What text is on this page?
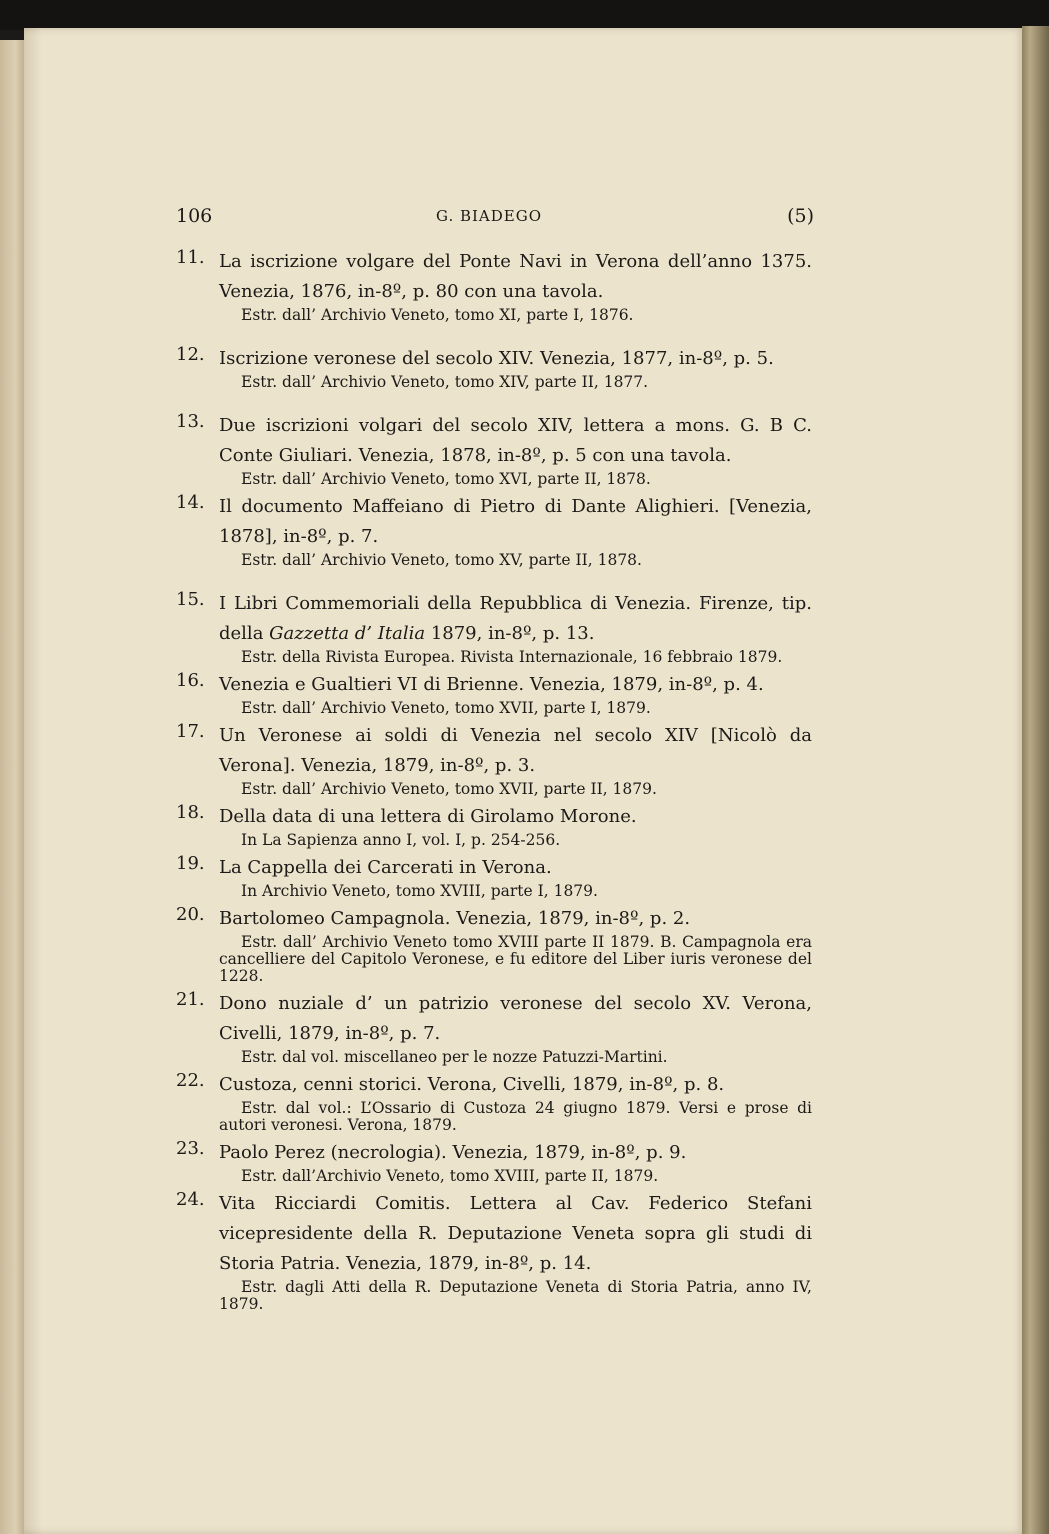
106	G. BIADEGO	(5)
11. La iscrizione volgare del Ponte Navi in Verona dell’anno 1375. Venezia, 1876, in-8º, p. 80 con una tavola.

Estr. dall’ Archivio Veneto, tomo XI, parte I, 1876.

12. Iscrizione veronese del secolo XIV. Venezia, 1877, in-8º, p. 5.

Estr. dall’ Archivio Veneto, tomo XIV, parte II, 1877.

13. Due iscrizioni volgari del secolo XIV, lettera a mons. G. B C. Conte Giuliari. Venezia, 1878, in-8º, p. 5 con una tavola.

Estr. dall’ Archivio Veneto, tomo XVI, parte II, 1878.

14. Il documento Maffeiano di Pietro di Dante Alighieri. [Venezia, 1878], in-8º, p. 7.

Estr. dall’ Archivio Veneto, tomo XV, parte II, 1878.

15. I Libri Commemoriali della Repubblica di Venezia. Firenze, tip. della Gazzetta d’ Italia 1879, in-8º, p. 13.

Estr. della Rivista Europea. Rivista Internazionale, 16 febbraio 1879.

16. Venezia e Gualtieri VI di Brienne. Venezia, 1879, in-8º, p. 4.

Estr. dall’ Archivio Veneto, tomo XVII, parte I, 1879.

17. Un Veronese ai soldi di Venezia nel secolo XIV [Nicolò da Verona]. Venezia, 1879, in-8º, p. 3.

Estr. dall’ Archivio Veneto, tomo XVII, parte II, 1879.

18. Della data di una lettera di Girolamo Morone.

In La Sapienza anno I, vol. I, p. 254-256.

19. La Cappella dei Carcerati in Verona.

In Archivio Veneto, tomo XVIII, parte I, 1879.

20. Bartolomeo Campagnola. Venezia, 1879, in-8º, p. 2.

Estr. dall’ Archivio Veneto tomo XVIII parte II 1879. B. Campagnola era cancelliere del Capitolo Veronese, e fu editore del Liber iuris veronese del 1228.

21. Dono nuziale d’ un patrizio veronese del secolo XV. Verona, Civelli, 1879, in-8º, p. 7.

Estr. dal vol. miscellaneo per le nozze Patuzzi-Martini.

22. Custoza, cenni storici. Verona, Civelli, 1879, in-8º, p. 8.

Estr. dal vol.: L’Ossario di Custoza 24 giugno 1879. Versi e prose di autori veronesi. Verona, 1879.

23. Paolo Perez (necrologia). Venezia, 1879, in-8º, p. 9.

Estr. dall’Archivio Veneto, tomo XVIII, parte II, 1879.

24. Vita Ricciardi Comitis. Lettera al Cav. Federico Stefani vicepresidente della R. Deputazione Veneta sopra gli studi di Storia Patria. Venezia, 1879, in-8º, p. 14.

Estr. dagli Atti della R. Deputazione Veneta di Storia Patria, anno IV, 1879.
